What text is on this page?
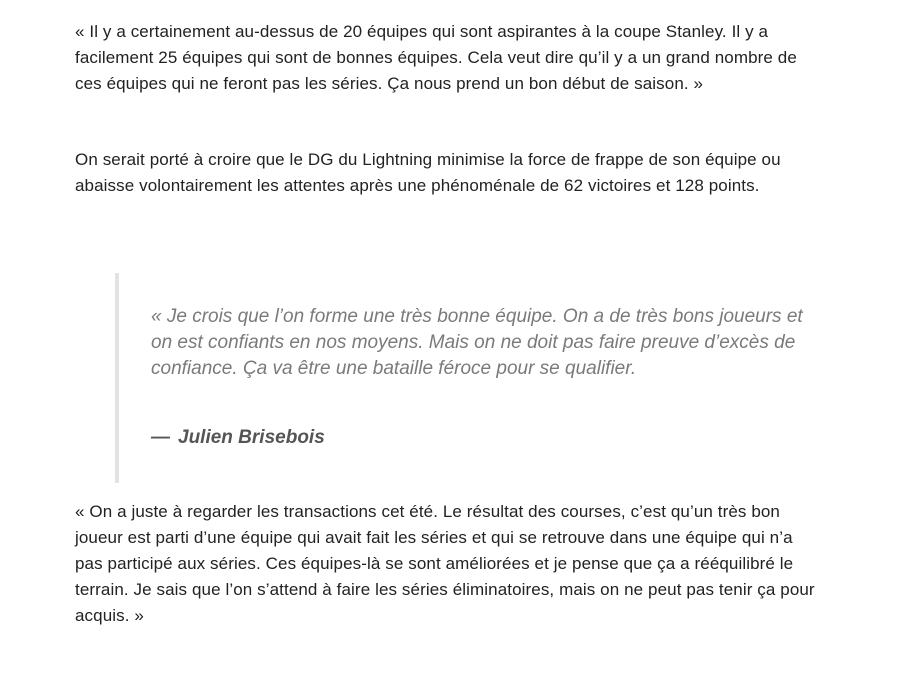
« Il y a certainement au-dessus de 20 équipes qui sont aspirantes à la coupe Stanley. Il y a facilement 25 équipes qui sont de bonnes équipes. Cela veut dire qu’il y a un grand nombre de ces équipes qui ne feront pas les séries. Ça nous prend un bon début de saison. »

On serait porté à croire que le DG du Lightning minimise la force de frappe de son équipe ou abaisse volontairement les attentes après une phénoménale de 62 victoires et 128 points.

« Je crois que l’on forme une très bonne équipe. On a de très bons joueurs et on est confiants en nos moyens. Mais on ne doit pas faire preuve d’excès de confiance. Ça va être une bataille féroce pour se qualifier.

— Julien Brisebois

« On a juste à regarder les transactions cet été. Le résultat des courses, c’est qu’un très bon joueur est parti d’une équipe qui avait fait les séries et qui se retrouve dans une équipe qui n’a pas participé aux séries. Ces équipes-là se sont améliorées et je pense que ça a rééquilibré le terrain. Je sais que l’on s’attend à faire les séries éliminatoires, mais on ne peut pas tenir ça pour acquis. »
